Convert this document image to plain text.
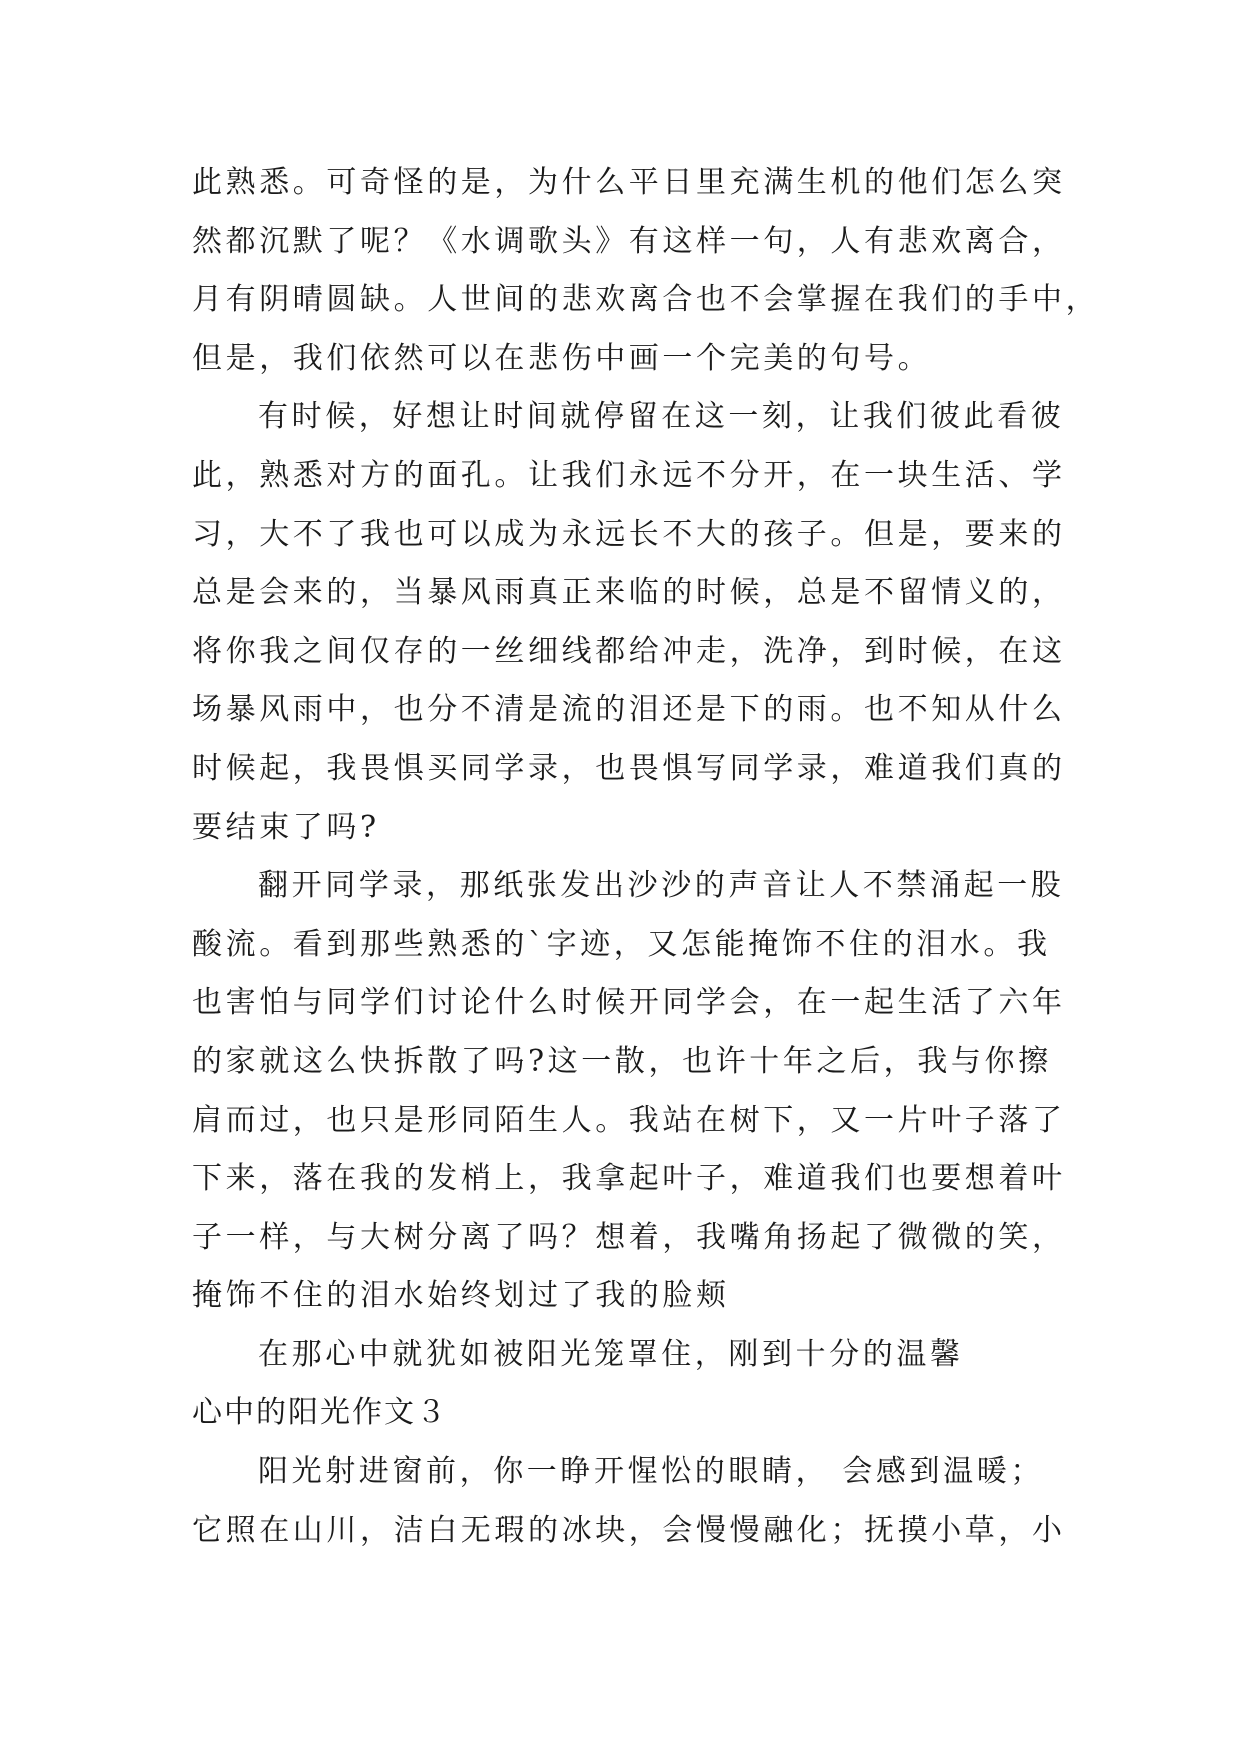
此熟悉。可奇怪的是，为什么平日里充满生机的他们怎么突

然都沉默了呢？《水调歌头》有这样一句，人有悲欢离合，

月有阴晴圆缺。人世间的悲欢离合也不会掌握在我们的手中，

但是，我们依然可以在悲伤中画一个完美的句号。

有时候，好想让时间就停留在这一刻，让我们彼此看彼

此，熟悉对方的面孔。让我们永远不分开，在一块生活、学

习，大不了我也可以成为永远长不大的孩子。但是，要来的

总是会来的，当暴风雨真正来临的时候，总是不留情义的，

将你我之间仅存的一丝细线都给冲走，洗净，到时候，在这

场暴风雨中，也分不清是流的泪还是下的雨。也不知从什么

时候起，我畏惧买同学录，也畏惧写同学录，难道我们真的

要结束了吗?

翻开同学录，那纸张发出沙沙的声音让人不禁涌起一股

酸流。看到那些熟悉的`字迹，又怎能掩饰不住的泪水。我

也害怕与同学们讨论什么时候开同学会，在一起生活了六年

的家就这么快拆散了吗?这一散，也许十年之后，我与你擦

肩而过，也只是形同陌生人。我站在树下，又一片叶子落了

下来，落在我的发梢上，我拿起叶子，难道我们也要想着叶

子一样，与大树分离了吗？想着，我嘴角扬起了微微的笑，

掩饰不住的泪水始终划过了我的脸颊

在那心中就犹如被阳光笼罩住，刚到十分的温馨

心中的阳光作文３

阳光射进窗前，你一睁开惺忪的眼睛， 会感到温暖；

它照在山川，洁白无瑕的冰块，会慢慢融化；抚摸小草，小
